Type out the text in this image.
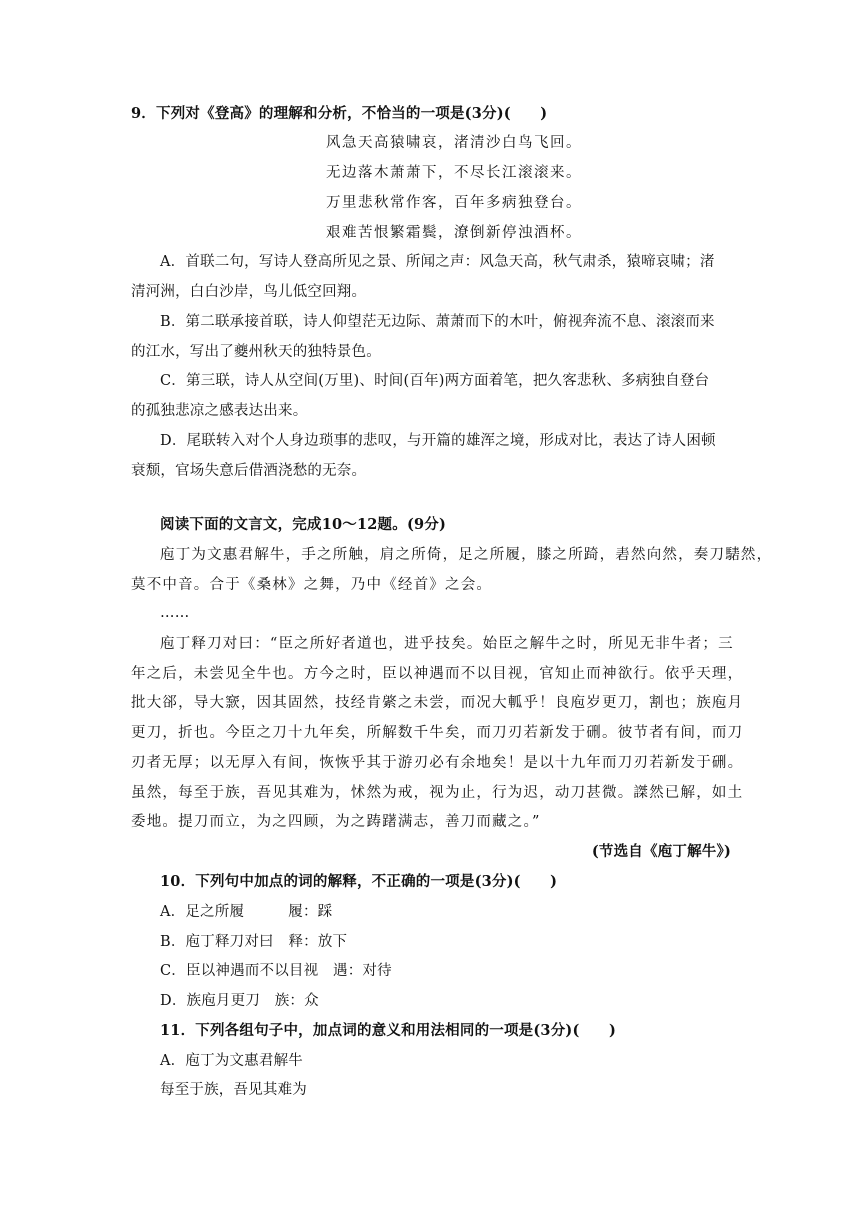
9．下列对《登高》的理解和分析，不恰当的一项是(3分)(　　)
风急天高猿啸哀，渚清沙白鸟飞回。
无边落木萧萧下，不尽长江滚滚来。
万里悲秋常作客，百年多病独登台。
艰难苦恨繁霜鬓，潦倒新停浊酒杯。
A．首联二句，写诗人登高所见之景、所闻之声：风急天高，秋气肃杀，猿啼哀啸；渚
清河洲，白白沙岸，鸟儿低空回翔。
B．第二联承接首联，诗人仰望茫无边际、萧萧而下的木叶，俯视奔流不息、滚滚而来
的江水，写出了夔州秋天的独特景色。
C．第三联，诗人从空间(万里)、时间(百年)两方面着笔，把久客悲秋、多病独自登台
的孤独悲凉之感表达出来。
D．尾联转入对个人身边琐事的悲叹，与开篇的雄浑之境，形成对比，表达了诗人困顿
衰颓，官场失意后借酒浇愁的无奈。
阅读下面的文言文，完成10～12题。(9分)
庖丁为文惠君解牛，手之所触，肩之所倚，足之所履，膝之所踦，砉然向然，奏刀騞然，
莫不中音。合于《桑林》之舞，乃中《经首》之会。
……
庖丁释刀对曰：“臣之所好者道也，进乎技矣。始臣之解牛之时，所见无非牛者；三
年之后，未尝见全牛也。方今之时，臣以神遇而不以目视，官知止而神欲行。依乎天理，
批大郤，导大窾，因其固然，技经肯綮之未尝，而况大軱乎！良庖岁更刀，割也；族庖月
更刀，折也。今臣之刀十九年矣，所解数千牛矣，而刀刃若新发于硎。彼节者有间，而刀
刃者无厚；以无厚入有间，恢恢乎其于游刃必有余地矣！是以十九年而刀刃若新发于硎。
虽然，每至于族，吾见其难为，怵然为戒，视为止，行为迟，动刀甚微。謋然已解，如土
委地。提刀而立，为之四顾，为之踌躇满志，善刀而藏之。”
(节选自《庖丁解牛》)
10．下列句中加点的词的解释，不正确的一项是(3分)(　　)
A．足之所履　　　履：踩
B．庖丁释刀对曰　释：放下
C．臣以神遇而不以目视　遇：对待
D．族庖月更刀　族：众
11．下列各组句子中，加点词的意义和用法相同的一项是(3分)(　　)
A．庖丁为文惠君解牛
每至于族，吾见其难为
